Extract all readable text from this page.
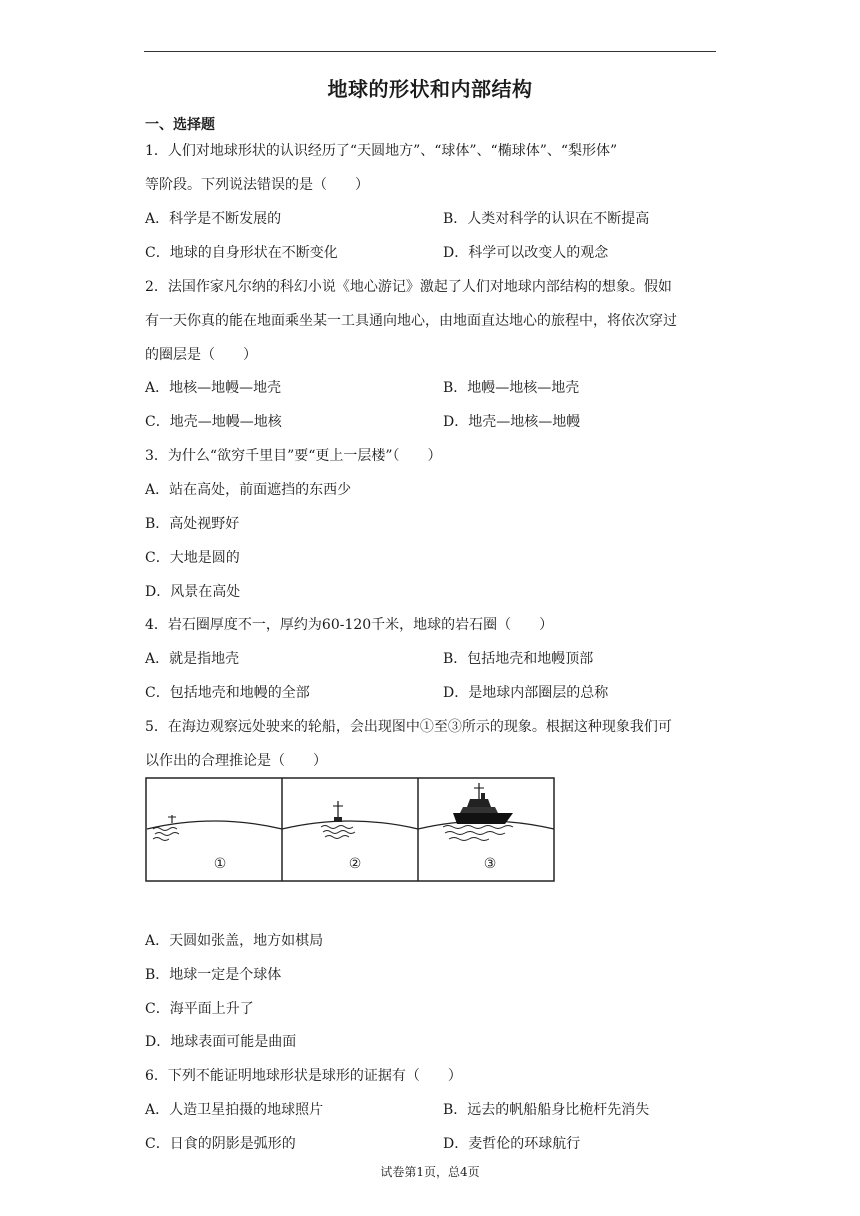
地球的形状和内部结构
一、选择题
1．人们对地球形状的认识经历了“天圆地方”、“球体”、“椭球体”、“梨形体”
等阶段。下列说法错误的是（　　）
A．科学是不断发展的	B．人类对科学的认识在不断提高
C．地球的自身形状在不断变化	D．科学可以改变人的观念
2．法国作家凡尔纳的科幻小说《地心游记》激起了人们对地球内部结构的想象。假如
有一天你真的能在地面乘坐某一工具通向地心，由地面直达地心的旅程中，将依次穿过
的圈层是（　　）
A．地核—地幔—地壳	B．地幔—地核—地壳
C．地壳—地幔—地核	D．地壳—地核—地幔
3．为什么“欲穷千里目”要“更上一层楼”（　　）
A．站在高处，前面遮挡的东西少
B．高处视野好
C．大地是圆的
D．风景在高处
4．岩石圈厚度不一，厚约为60-120千米，地球的岩石圈（　　）
A．就是指地壳	B．包括地壳和地幔顶部
C．包括地壳和地幔的全部	D．是地球内部圈层的总称
5．在海边观察远处驶来的轮船，会出现图中①至③所示的现象。根据这种现象我们可
以作出的合理推论是（　　）
①	②	③
A．天圆如张盖，地方如棋局
B．地球一定是个球体
C．海平面上升了
D．地球表面可能是曲面
6．下列不能证明地球形状是球形的证据有（　　）
A．人造卫星拍摄的地球照片	B．远去的帆船船身比桅杆先消失
C．日食的阴影是弧形的	D．麦哲伦的环球航行
试卷第1页，总4页
